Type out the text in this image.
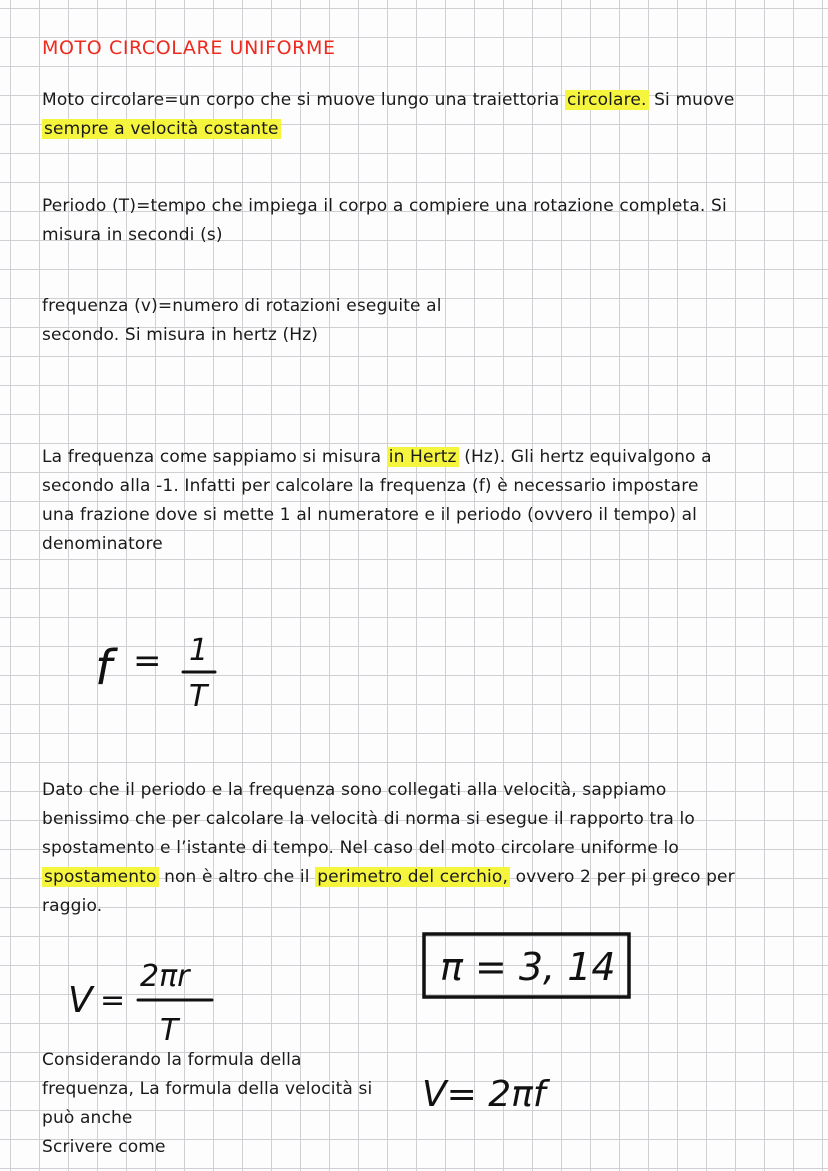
MOTO CIRCOLARE UNIFORME

Moto circolare=un corpo che si muove lungo una traiettoria circolare. Si muove

sempre a velocità costante

Periodo (T)=tempo che impiega il corpo a compiere una rotazione completa. Si

misura in secondi (s)

frequenza (v)=numero di rotazioni eseguite al

secondo. Si misura in hertz (Hz)

La frequenza come sappiamo si misura in Hertz (Hz). Gli hertz equivalgono a

secondo alla -1. Infatti per calcolare la frequenza (f) è necessario impostare

una frazione dove si mette 1 al numeratore e il periodo (ovvero il tempo) al

denominatore

f = 1
T

Dato che il periodo e la frequenza sono collegati alla velocità, sappiamo

benissimo che per calcolare la velocità di norma si esegue il rapporto tra lo

spostamento e l’istante di tempo. Nel caso del moto circolare uniforme lo

spostamento non è altro che il perimetro del cerchio, ovvero 2 per pi greco per

raggio.

π = 3, 14
V =
2πr
T

Considerando la formula della

frequenza, La formula della velocità si

può anche

Scrivere come

V= 2πf
